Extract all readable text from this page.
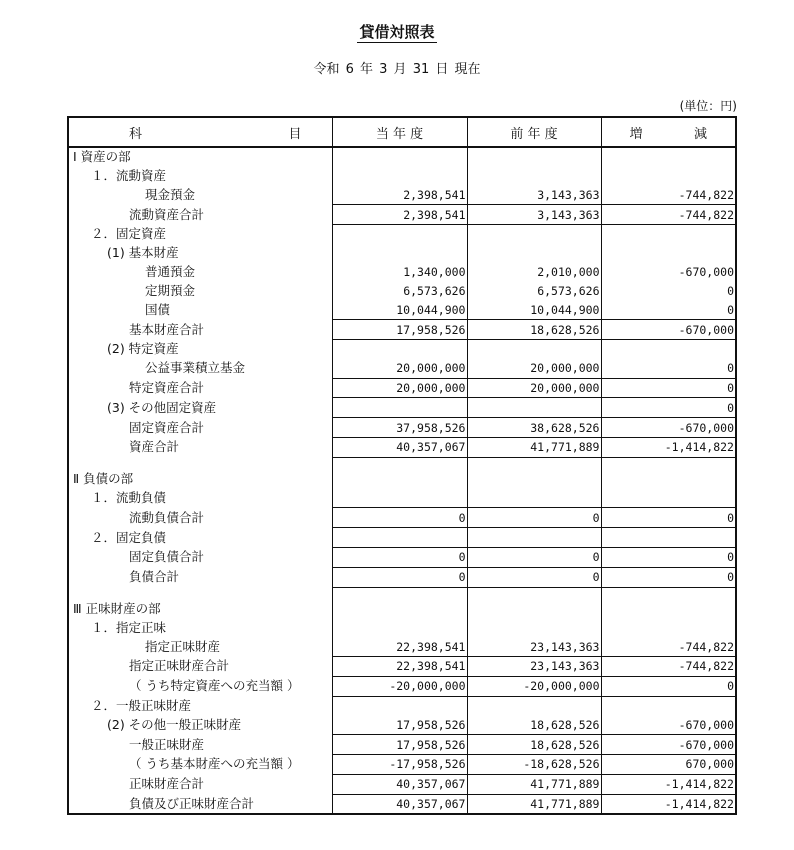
貸借対照表
令和 6 年 3 月 31 日 現在
(単位：円)
科 目	当 年 度	前 年 度	増 減

Ⅰ 資産の部			
１．流動資産			
現金預金	2,398,541	3,143,363	-744,822
流動資産合計	2,398,541	3,143,363	-744,822
２．固定資産			
(1) 基本財産			
普通預金	1,340,000	2,010,000	-670,000
定期預金	6,573,626	6,573,626	0
国債	10,044,900	10,044,900	0
基本財産合計	17,958,526	18,628,526	-670,000
(2) 特定資産			
公益事業積立基金	20,000,000	20,000,000	0
特定資産合計	20,000,000	20,000,000	0
(3) その他固定資産			0
固定資産合計	37,958,526	38,628,526	-670,000
資産合計	40,357,067	41,771,889	-1,414,822

Ⅱ 負債の部			
１．流動負債			
流動負債合計	0	0	0
２．固定負債			
固定負債合計	0	0	0
負債合計	0	0	0

Ⅲ 正味財産の部			
１．指定正味			
指定正味財産	22,398,541	23,143,363	-744,822
指定正味財産合計	22,398,541	23,143,363	-744,822
（ うち特定資産への充当額 ）	-20,000,000	-20,000,000	0
２．一般正味財産			
(2) その他一般正味財産	17,958,526	18,628,526	-670,000
一般正味財産	17,958,526	18,628,526	-670,000
（ うち基本財産への充当額 ）	-17,958,526	-18,628,526	670,000
正味財産合計	40,357,067	41,771,889	-1,414,822
負債及び正味財産合計	40,357,067	41,771,889	-1,414,822
